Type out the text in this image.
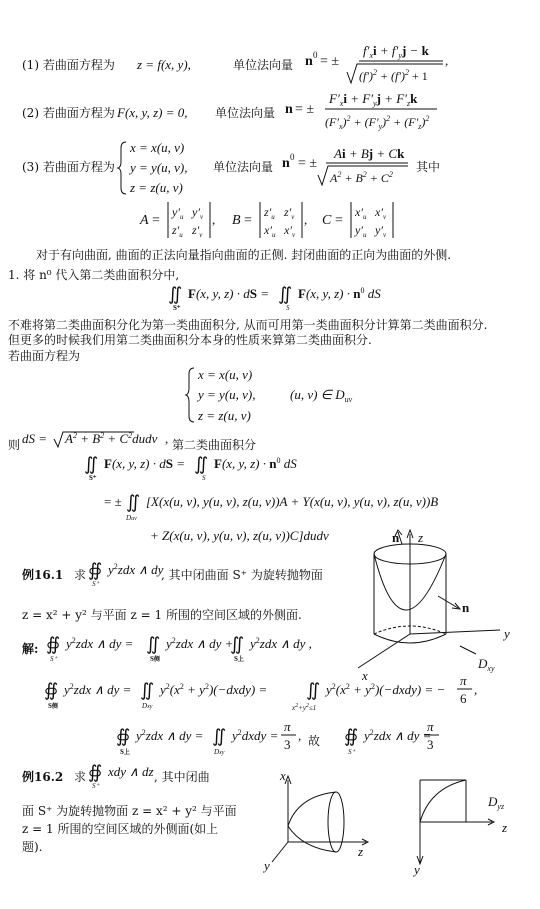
(1) 若曲面方程为 z = f(x, y),	单位法向量 n 0 = ±
$f'_xi + f'_yj - k$
$(f')^2 + (f')^2 + 1$
,
(2) 若曲面方程为 F(x, y, z) = 0, 单位法向量 n = ±
$F'_xi + F'_yj + F'_zk$
$(F'_x)^2 + (F'_y)^2 + (F'_z)^2$
(3) 若曲面方程为
x = x(u, v)
y = y(u, v),
z = z(u, v)
单位法向量 n 0 = ±
Ai + Bj + Ck
$A^2 + B^2 + C^2$
其中
A =
$y'_u$ $y'_v$
$z'_u$ $z'_v$
, B =
$z'_u$ $z'_v$
$x'_u$ $x'_v$
, C =
$x'_u$ $x'_v$
$y'_u$ $y'_v$
对于有向曲面, 曲面的正法向量指向曲面的正侧. 封闭曲面的正向为曲面的外侧.
1. 将 n⁰ 代入第二类曲面积分中,
∬
S⁺
F(x, y, z) · dS = ∬
S
F(x, y, $z) \cdot n^0$ dS
不难将第二类曲面积分化为第一类曲面积分, 从而可用第一类曲面积分计算第二类曲面积分.
但更多的时候我们用第二类曲面积分本身的性质来算第二类曲面积分.
若曲面方程为
x = x(u, v)
y = y(u, v),
z = z(u, v)
(u, v) ∈ $D_{uv}$
则 dS = $A^2 + B^2$ + $C^2dudv$ , 第二类曲面积分
∬
S⁺
F(x, y, z) · dS = ∬
S
F(x, y, $z) \cdot n^0$ dS
= ± ∬
Duv
[X(x(u, v), y(u, v), z(u, v))A + Y(x(u, v), y(u, v), z(u, v))B
+ Z(x(u, v), y(u, v), z(u, v))C]dudv
例16.1 求 ∯
S⁺
$y^2zdx$ ∧ dy
, 其中闭曲面 S⁺ 为旋转抛物面
z = x² + y² 与平面 z = 1 所围的空间区域的外侧面.
解: ∯
S⁺
$y^2zdx$ ∧ dy = ∬
S侧
$y^2zdx$ ∧ dy +
∬
S上
$y^2zdx$ ∧ dy ,
∯
S侧
$y^2zdx$ ∧ dy = ∬
Dxy
$y^2(x^2$ + $y^2)(-dxdy)$ = ∬
x2+y2≤1
$y^2(x^2$ + $y^2)(-dxdy)$ = −
π
6
,
∯
S上
$y^2zdx$ ∧ dy = ∬
Dxy
$y^2dxdy$ =
π
3
, ∯
S⁺
$y^2zdx$ ∧ dy =
π
3
故
例16.2 求 ∯
S⁺
xdy ∧ dz , 其中闭曲
面 S⁺ 为旋转抛物面 z = x² + y² 与平面
z = 1 所围的空间区域的外侧面(如上
题).
n z
n
y
x
$D_{xy}$
x
z
y
$D_{yz}$
z
y
